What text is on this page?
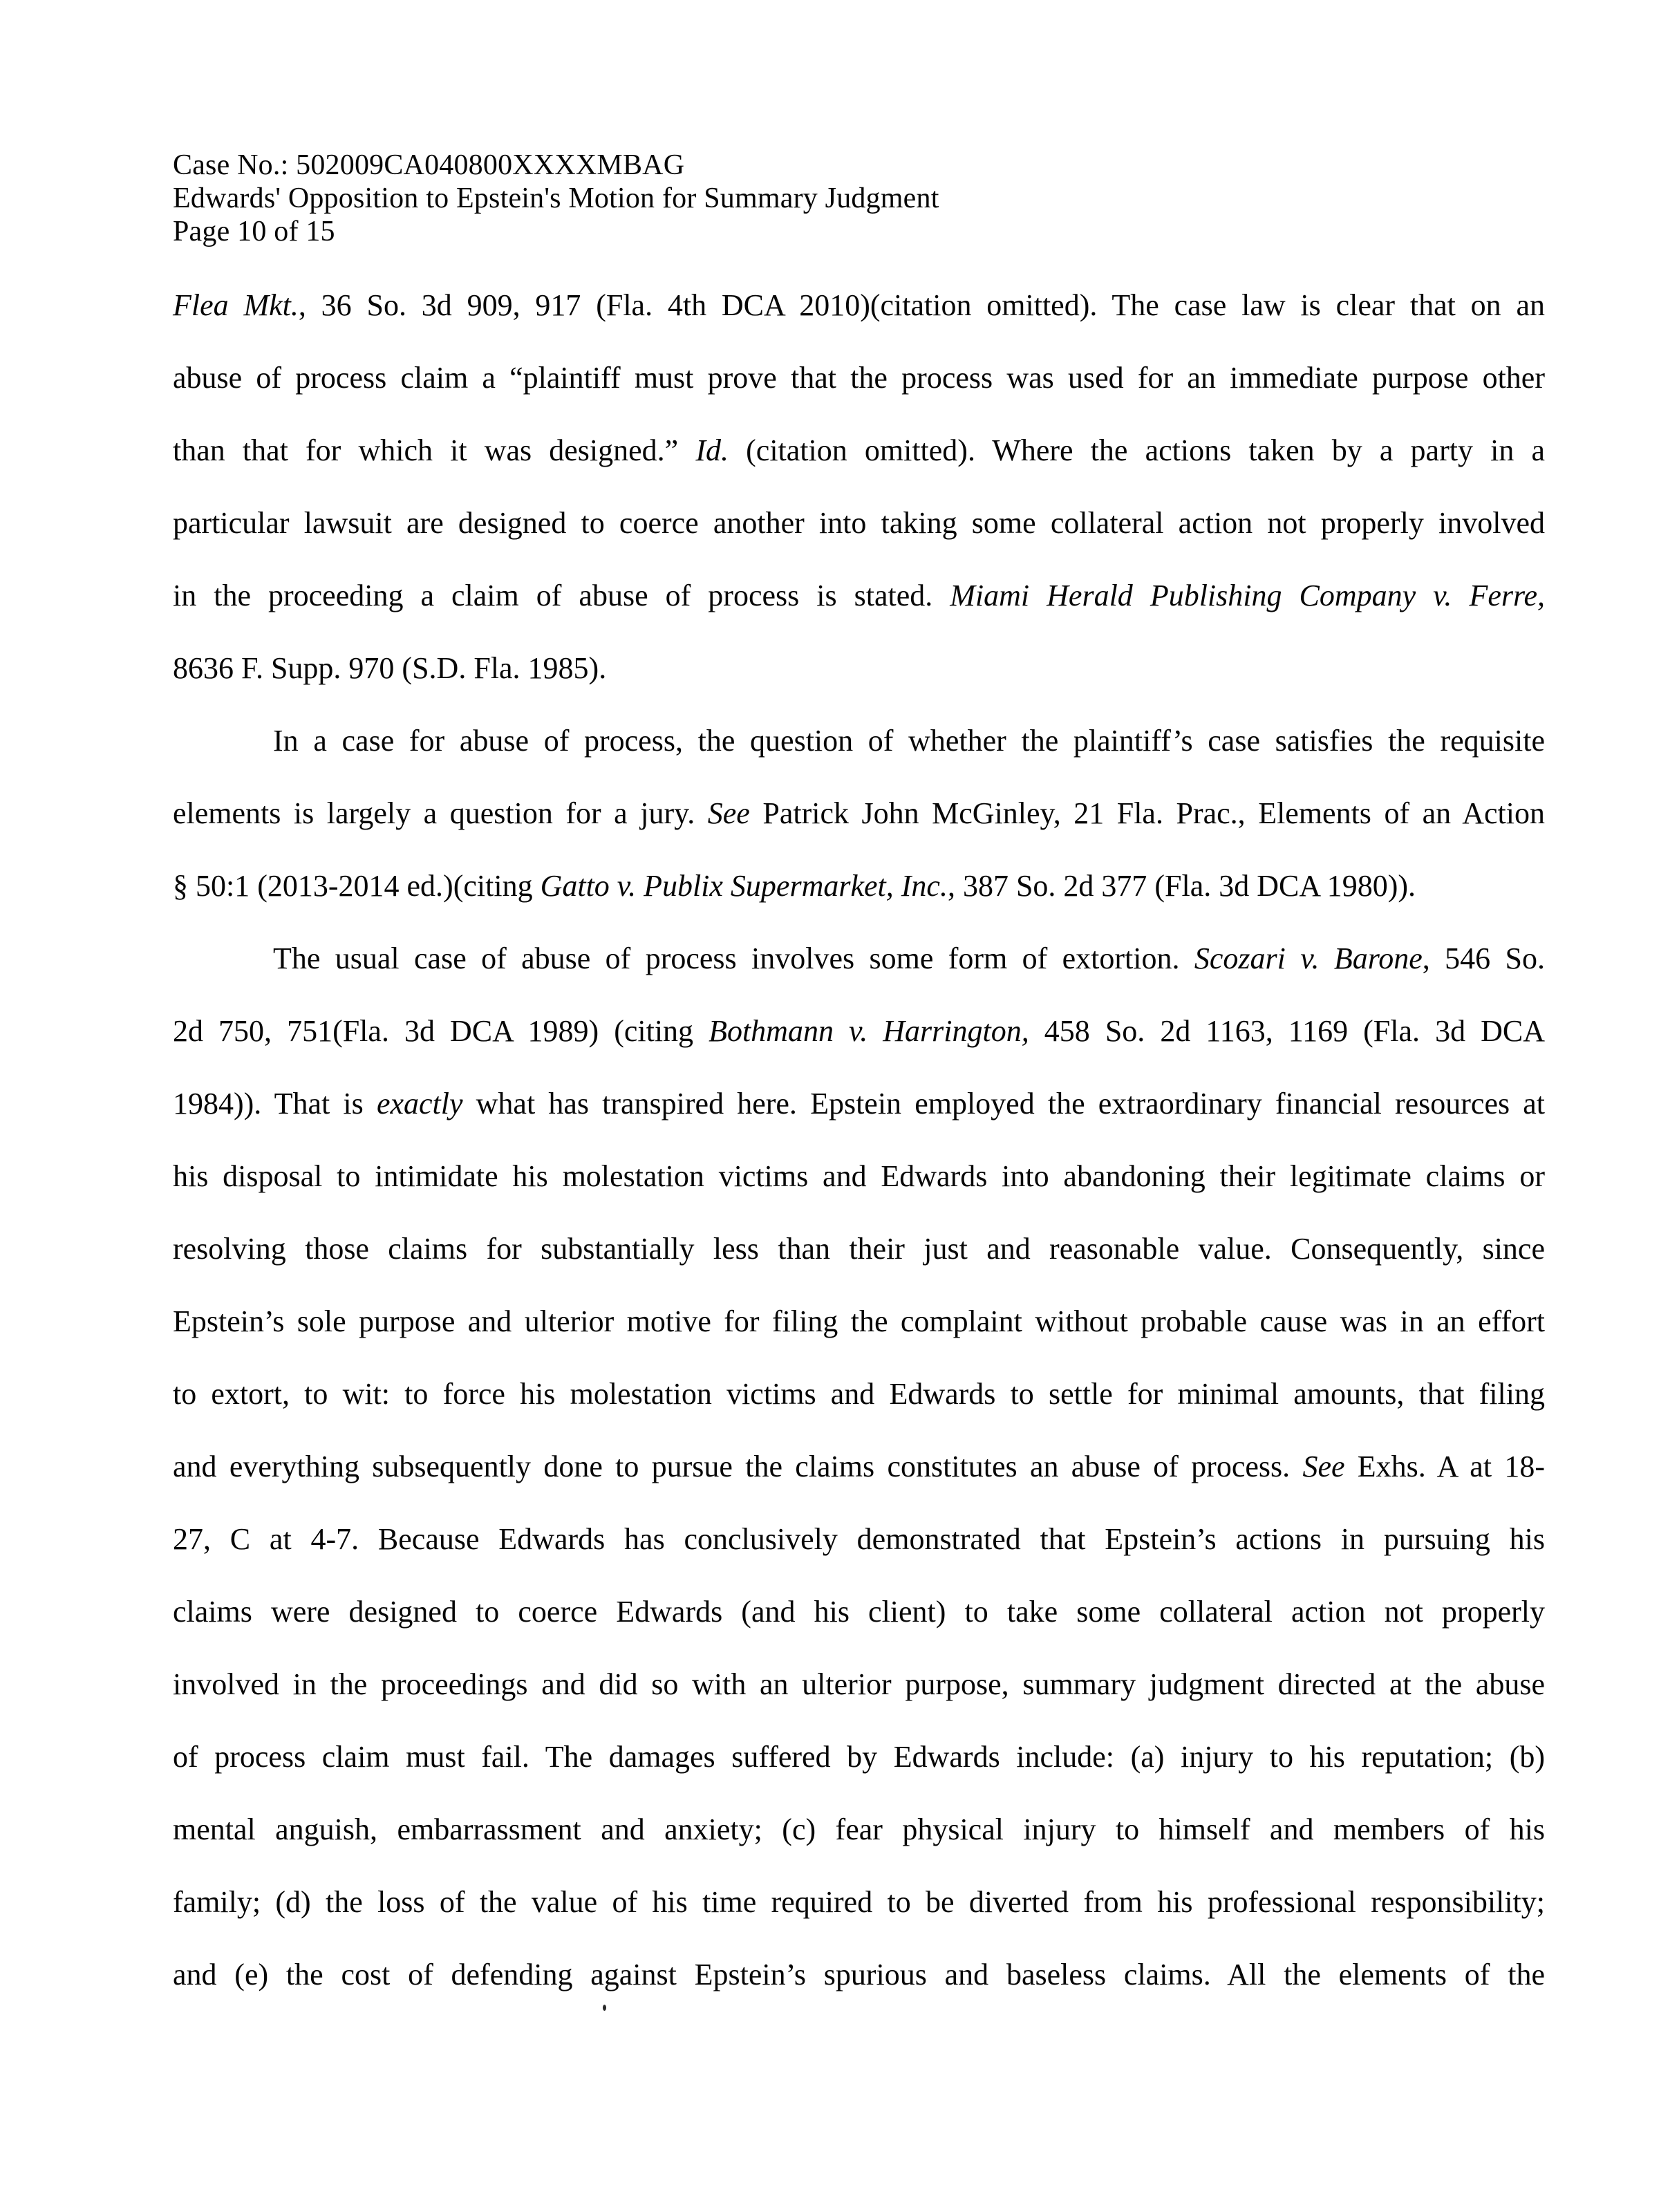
Case No.: 502009CA040800XXXXMBAG
Edwards' Opposition to Epstein's Motion for Summary Judgment
Page 10 of 15
Flea Mkt., 36 So. 3d 909, 917 (Fla. 4th DCA 2010)(citation omitted). The case law is clear that on an
abuse of process claim a “plaintiff must prove that the process was used for an immediate purpose other
than that for which it was designed.” Id. (citation omitted). Where the actions taken by a party in a
particular lawsuit are designed to coerce another into taking some collateral action not properly involved
in the proceeding a claim of abuse of process is stated. Miami Herald Publishing Company v. Ferre,
8636 F. Supp. 970 (S.D. Fla. 1985).
In a case for abuse of process, the question of whether the plaintiff’s case satisfies the requisite
elements is largely a question for a jury. See Patrick John McGinley, 21 Fla. Prac., Elements of an Action
§ 50:1 (2013-2014 ed.)(citing Gatto v. Publix Supermarket, Inc., 387 So. 2d 377 (Fla. 3d DCA 1980)).
The usual case of abuse of process involves some form of extortion. Scozari v. Barone, 546 So.
2d 750, 751(Fla. 3d DCA 1989) (citing Bothmann v. Harrington, 458 So. 2d 1163, 1169 (Fla. 3d DCA
1984)). That is exactly what has transpired here. Epstein employed the extraordinary financial resources at
his disposal to intimidate his molestation victims and Edwards into abandoning their legitimate claims or
resolving those claims for substantially less than their just and reasonable value. Consequently, since
Epstein’s sole purpose and ulterior motive for filing the complaint without probable cause was in an effort
to extort, to wit: to force his molestation victims and Edwards to settle for minimal amounts, that filing
and everything subsequently done to pursue the claims constitutes an abuse of process. See Exhs. A at 18-
27, C at 4-7. Because Edwards has conclusively demonstrated that Epstein’s actions in pursuing his
claims were designed to coerce Edwards (and his client) to take some collateral action not properly
involved in the proceedings and did so with an ulterior purpose, summary judgment directed at the abuse
of process claim must fail. The damages suffered by Edwards include: (a) injury to his reputation; (b)
mental anguish, embarrassment and anxiety; (c) fear physical injury to himself and members of his
family; (d) the loss of the value of his time required to be diverted from his professional responsibility;
and (e) the cost of defending against Epstein’s spurious and baseless claims. All the elements of the
